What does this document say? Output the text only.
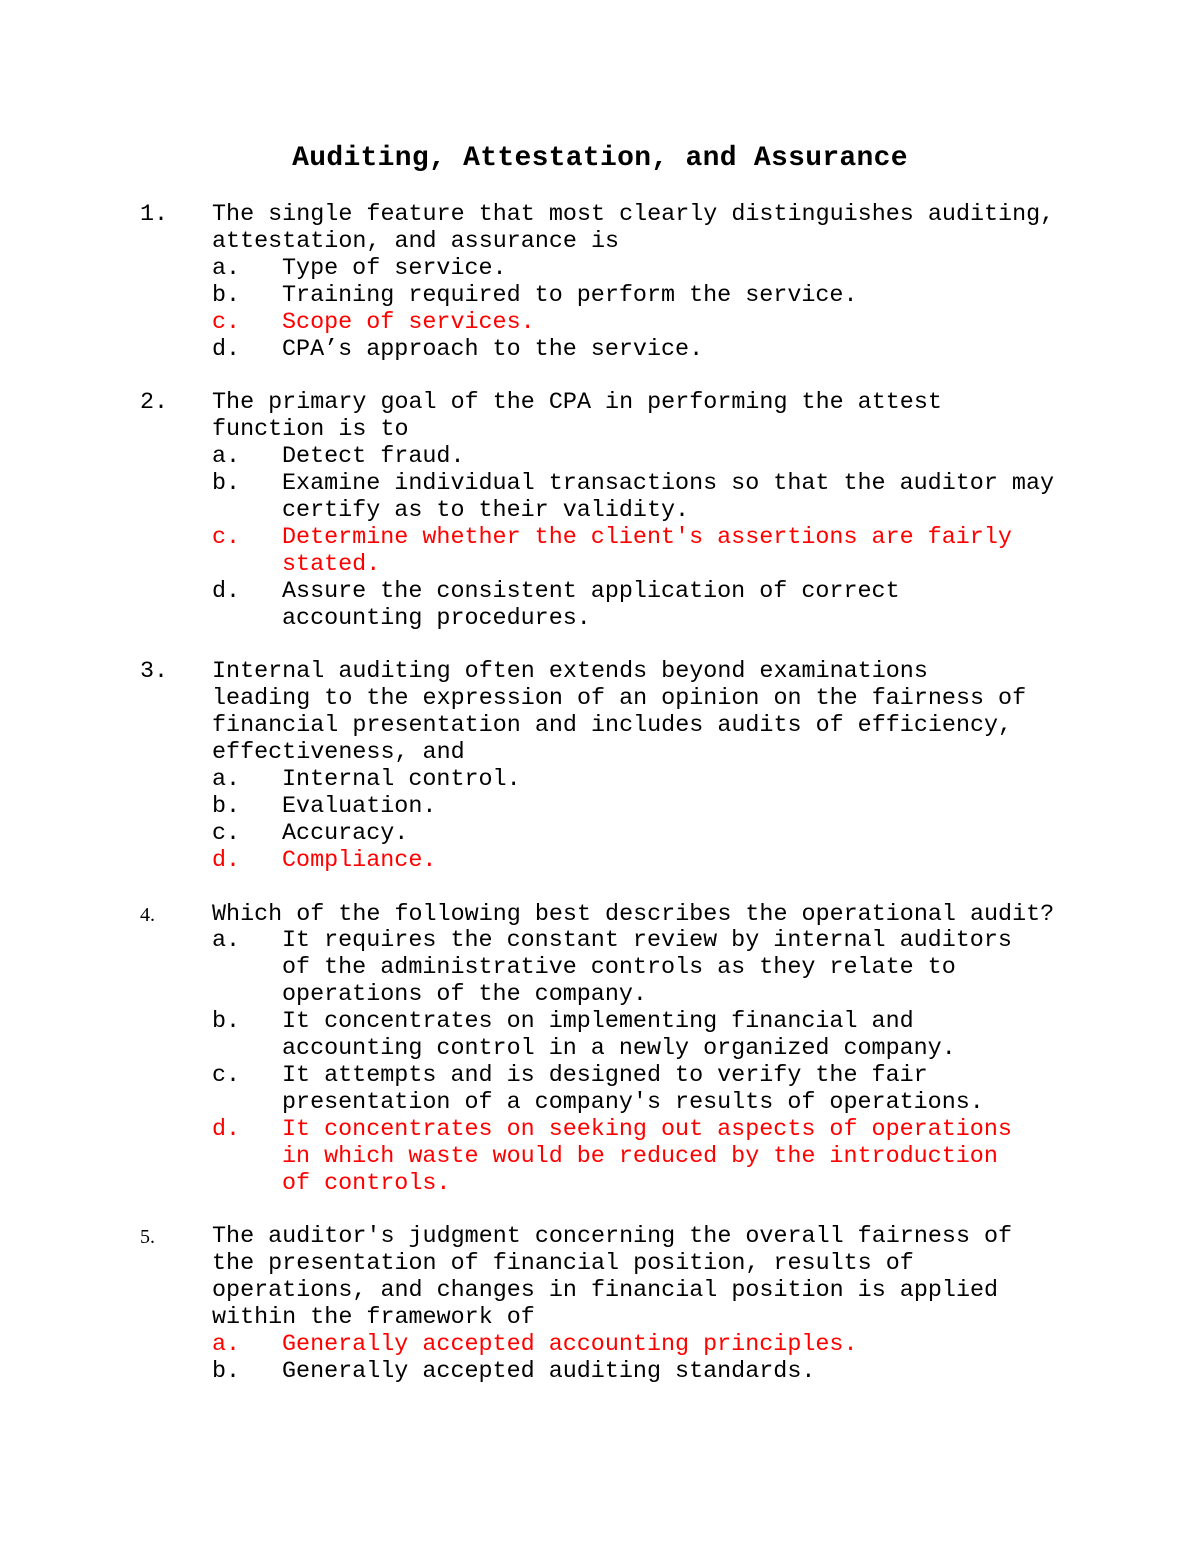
Auditing, Attestation, and Assurance
1.	The single feature that most clearly distinguishes auditing,
attestation, and assurance is
a.	Type of service.
b.	Training required to perform the service.
c.	Scope of services.
d.	CPA’s approach to the service.
2.	The primary goal of the CPA in performing the attest
function is to
a.	Detect fraud.
b.	Examine individual transactions so that the auditor may
certify as to their validity.
c.	Determine whether the client's assertions are fairly
stated.
d.	Assure the consistent application of correct
accounting procedures.
3.	Internal auditing often extends beyond examinations
leading to the expression of an opinion on the fairness of
financial presentation and includes audits of efficiency,
effectiveness, and
a.	Internal control.
b.	Evaluation.
c.	Accuracy.
d.	Compliance.
4.	Which of the following best describes the operational audit?
a.	It requires the constant review by internal auditors
of the administrative controls as they relate to
operations of the company.
b.	It concentrates on implementing financial and
accounting control in a newly organized company.
c.	It attempts and is designed to verify the fair
presentation of a company's results of operations.
d.	It concentrates on seeking out aspects of operations
in which waste would be reduced by the introduction
of controls.
5.	The auditor's judgment concerning the overall fairness of
the presentation of financial position, results of
operations, and changes in financial position is applied
within the framework of
a.	Generally accepted accounting principles.
b.	Generally accepted auditing standards.
